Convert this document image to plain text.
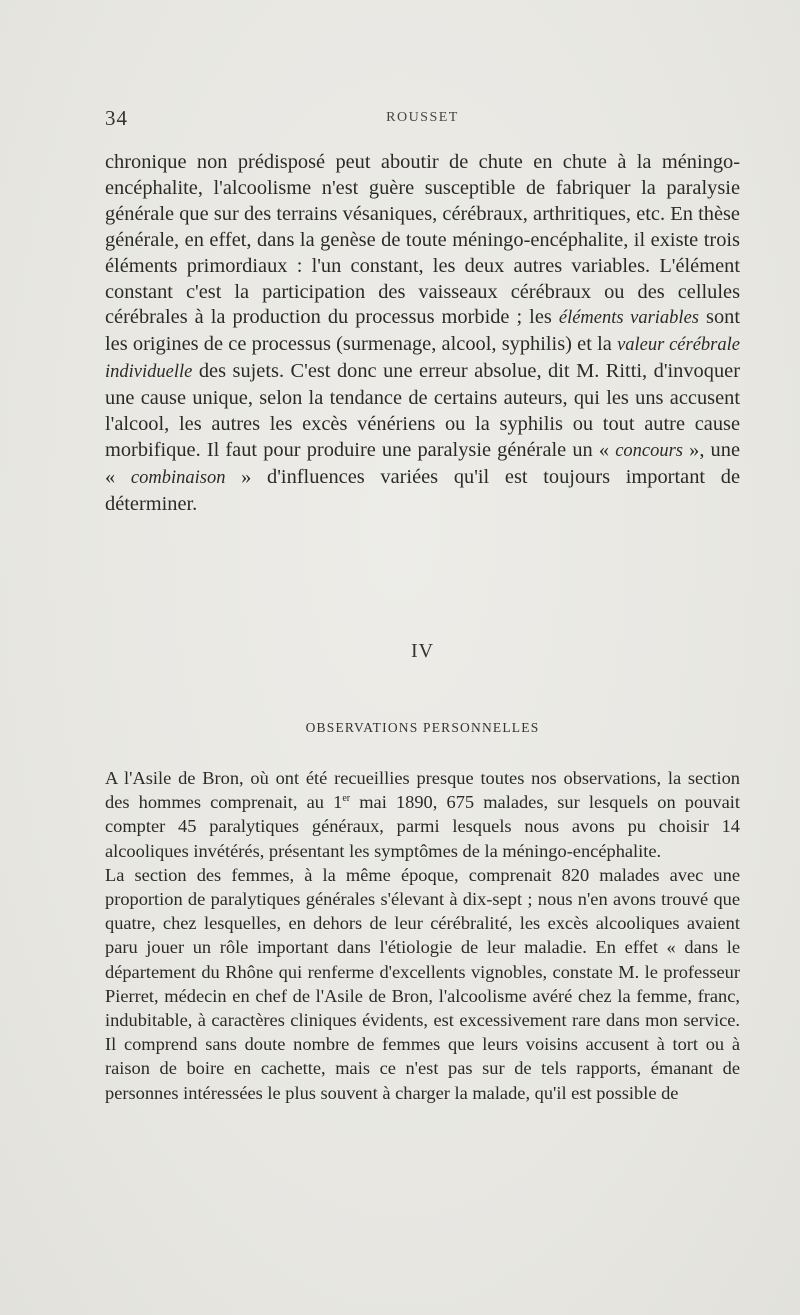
34	ROUSSET

chronique non prédisposé peut aboutir de chute en chute à la méningo-encéphalite, l'alcoolisme n'est guère susceptible de fabriquer la paralysie générale que sur des terrains vésaniques, cérébraux, arthritiques, etc. En thèse générale, en effet, dans la genèse de toute méningo-encéphalite, il existe trois éléments primordiaux : l'un constant, les deux autres variables. L'élément constant c'est la participation des vaisseaux cérébraux ou des cellules cérébrales à la production du processus morbide ; les éléments variables sont les origines de ce processus (surmenage, alcool, syphilis) et la valeur cérébrale individuelle des sujets. C'est donc une erreur absolue, dit M. Ritti, d'invoquer une cause unique, selon la tendance de certains auteurs, qui les uns accusent l'alcool, les autres les excès vénériens ou la syphilis ou tout autre cause morbifique. Il faut pour produire une paralysie générale un « concours », une « combinaison » d'influences variées qu'il est toujours important de déterminer.

IV
OBSERVATIONS PERSONNELLES

A l'Asile de Bron, où ont été recueillies presque toutes nos observations, la section des hommes comprenait, au 1er mai 1890, 675 malades, sur lesquels on pouvait compter 45 paralytiques généraux, parmi lesquels nous avons pu choisir 14 alcooliques invétérés, présentant les symptômes de la méningo-encéphalite.

La section des femmes, à la même époque, comprenait 820 malades avec une proportion de paralytiques générales s'élevant à dix-sept ; nous n'en avons trouvé que quatre, chez lesquelles, en dehors de leur cérébralité, les excès alcooliques avaient paru jouer un rôle important dans l'étiologie de leur maladie. En effet « dans le département du Rhône qui renferme d'excellents vignobles, constate M. le professeur Pierret, médecin en chef de l'Asile de Bron, l'alcoolisme avéré chez la femme, franc, indubitable, à caractères cliniques évidents, est excessivement rare dans mon service. Il comprend sans doute nombre de femmes que leurs voisins accusent à tort ou à raison de boire en cachette, mais ce n'est pas sur de tels rapports, émanant de personnes intéressées le plus souvent à charger la malade, qu'il est possible de
